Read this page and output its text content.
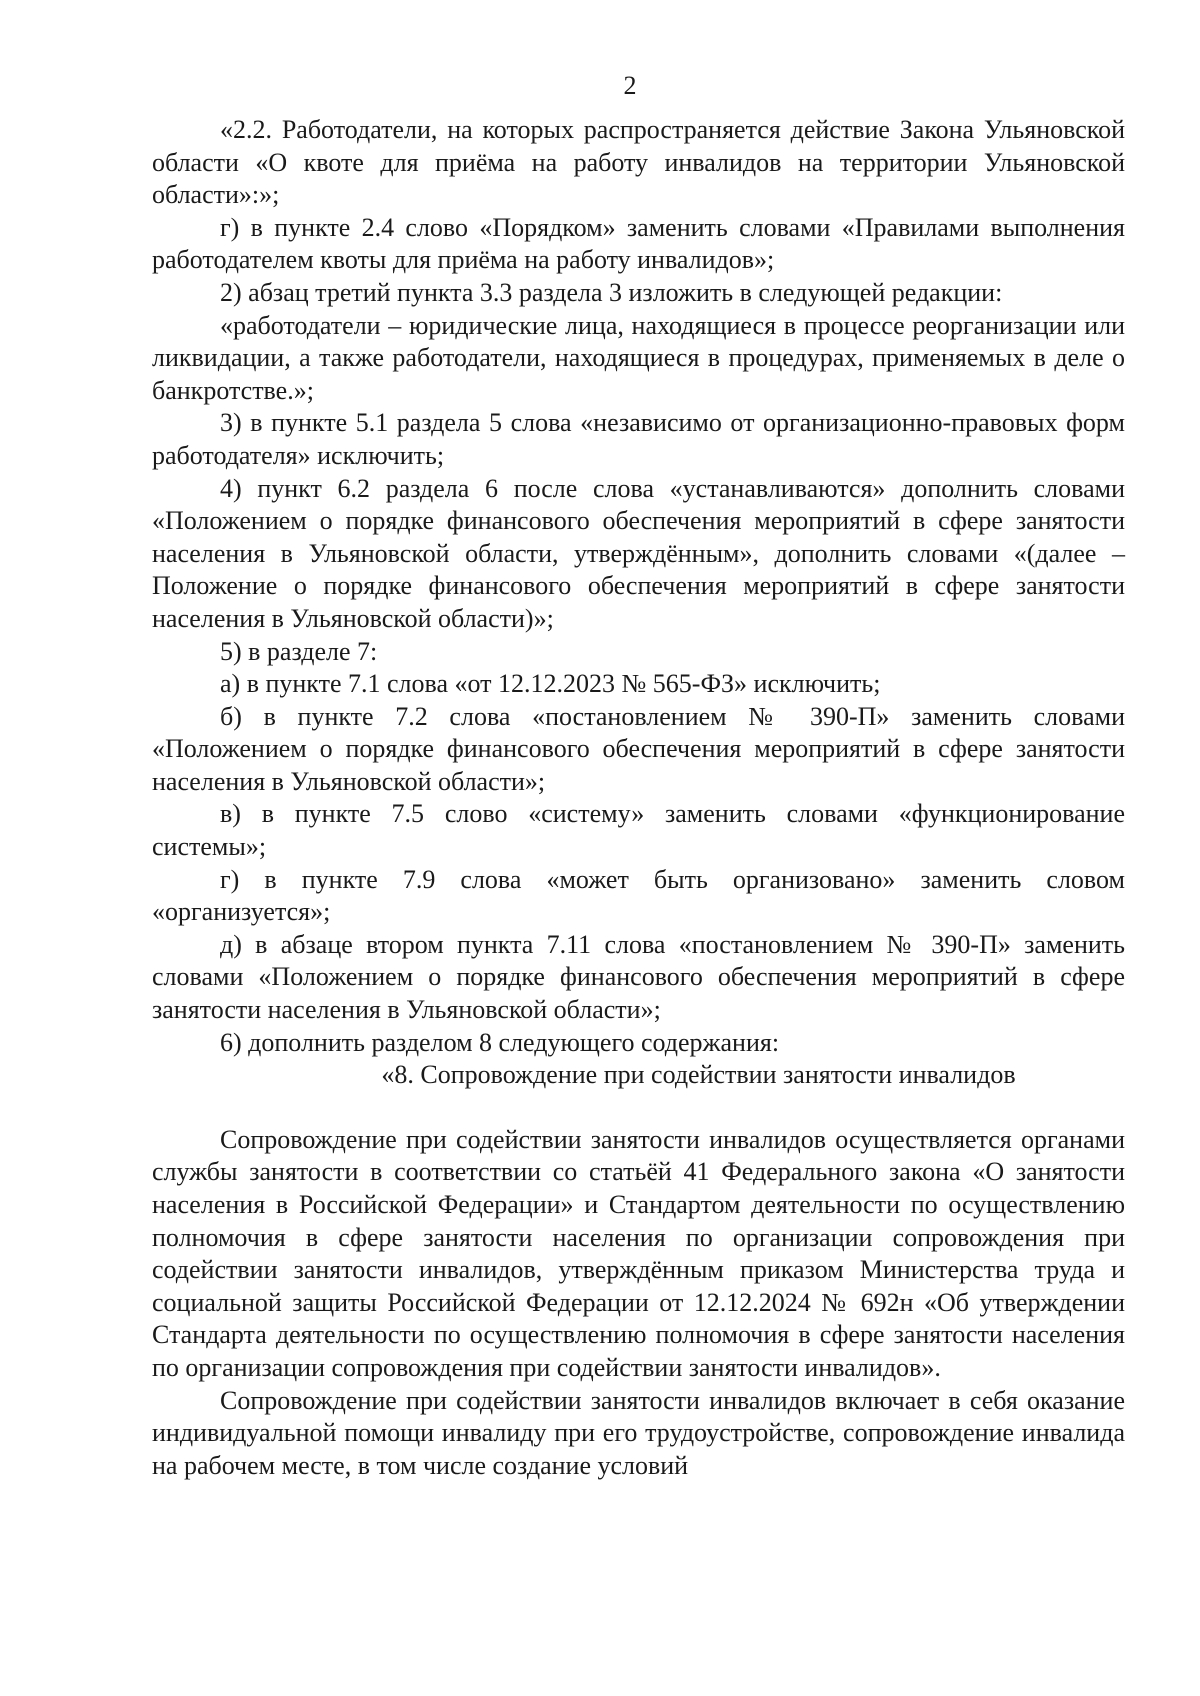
2

«2.2. Работодатели, на которых распространяется действие Закона Ульяновской области «О квоте для приёма на работу инвалидов на территории Ульяновской области»:»;

г) в пункте 2.4 слово «Порядком» заменить словами «Правилами выполнения работодателем квоты для приёма на работу инвалидов»;

2) абзац третий пункта 3.3 раздела 3 изложить в следующей редакции:

«работодатели – юридические лица, находящиеся в процессе реорганизации или ликвидации, а также работодатели, находящиеся в процедурах, применяемых в деле о банкротстве.»;

3) в пункте 5.1 раздела 5 слова «независимо от организационно-правовых форм работодателя» исключить;

4) пункт 6.2 раздела 6 после слова «устанавливаются» дополнить словами «Положением о порядке финансового обеспечения мероприятий в сфере занятости населения в Ульяновской области, утверждённым», дополнить словами «(далее – Положение о порядке финансового обеспечения мероприятий в сфере занятости населения в Ульяновской области)»;

5) в разделе 7:

а) в пункте 7.1 слова «от 12.12.2023 № 565-ФЗ» исключить;

б) в пункте 7.2 слова «постановлением № 390-П» заменить словами «Положением о порядке финансового обеспечения мероприятий в сфере занятости населения в Ульяновской области»;

в) в пункте 7.5 слово «систему» заменить словами «функционирование системы»;

г) в пункте 7.9 слова «может быть организовано» заменить словом «организуется»;

д) в абзаце втором пункта 7.11 слова «постановлением № 390-П» заменить словами «Положением о порядке финансового обеспечения мероприятий в сфере занятости населения в Ульяновской области»;

6) дополнить разделом 8 следующего содержания:

«8. Сопровождение при содействии занятости инвалидов

Сопровождение при содействии занятости инвалидов осуществляется органами службы занятости в соответствии со статьёй 41 Федерального закона «О занятости населения в Российской Федерации» и Стандартом деятельности по осуществлению полномочия в сфере занятости населения по организации сопровождения при содействии занятости инвалидов, утверждённым приказом Министерства труда и социальной защиты Российской Федерации от 12.12.2024 № 692н «Об утверждении Стандарта деятельности по осуществлению полномочия в сфере занятости населения по организации сопровождения при содействии занятости инвалидов».

Сопровождение при содействии занятости инвалидов включает в себя оказание индивидуальной помощи инвалиду при его трудоустройстве, сопровождение инвалида на рабочем месте, в том числе создание условий
